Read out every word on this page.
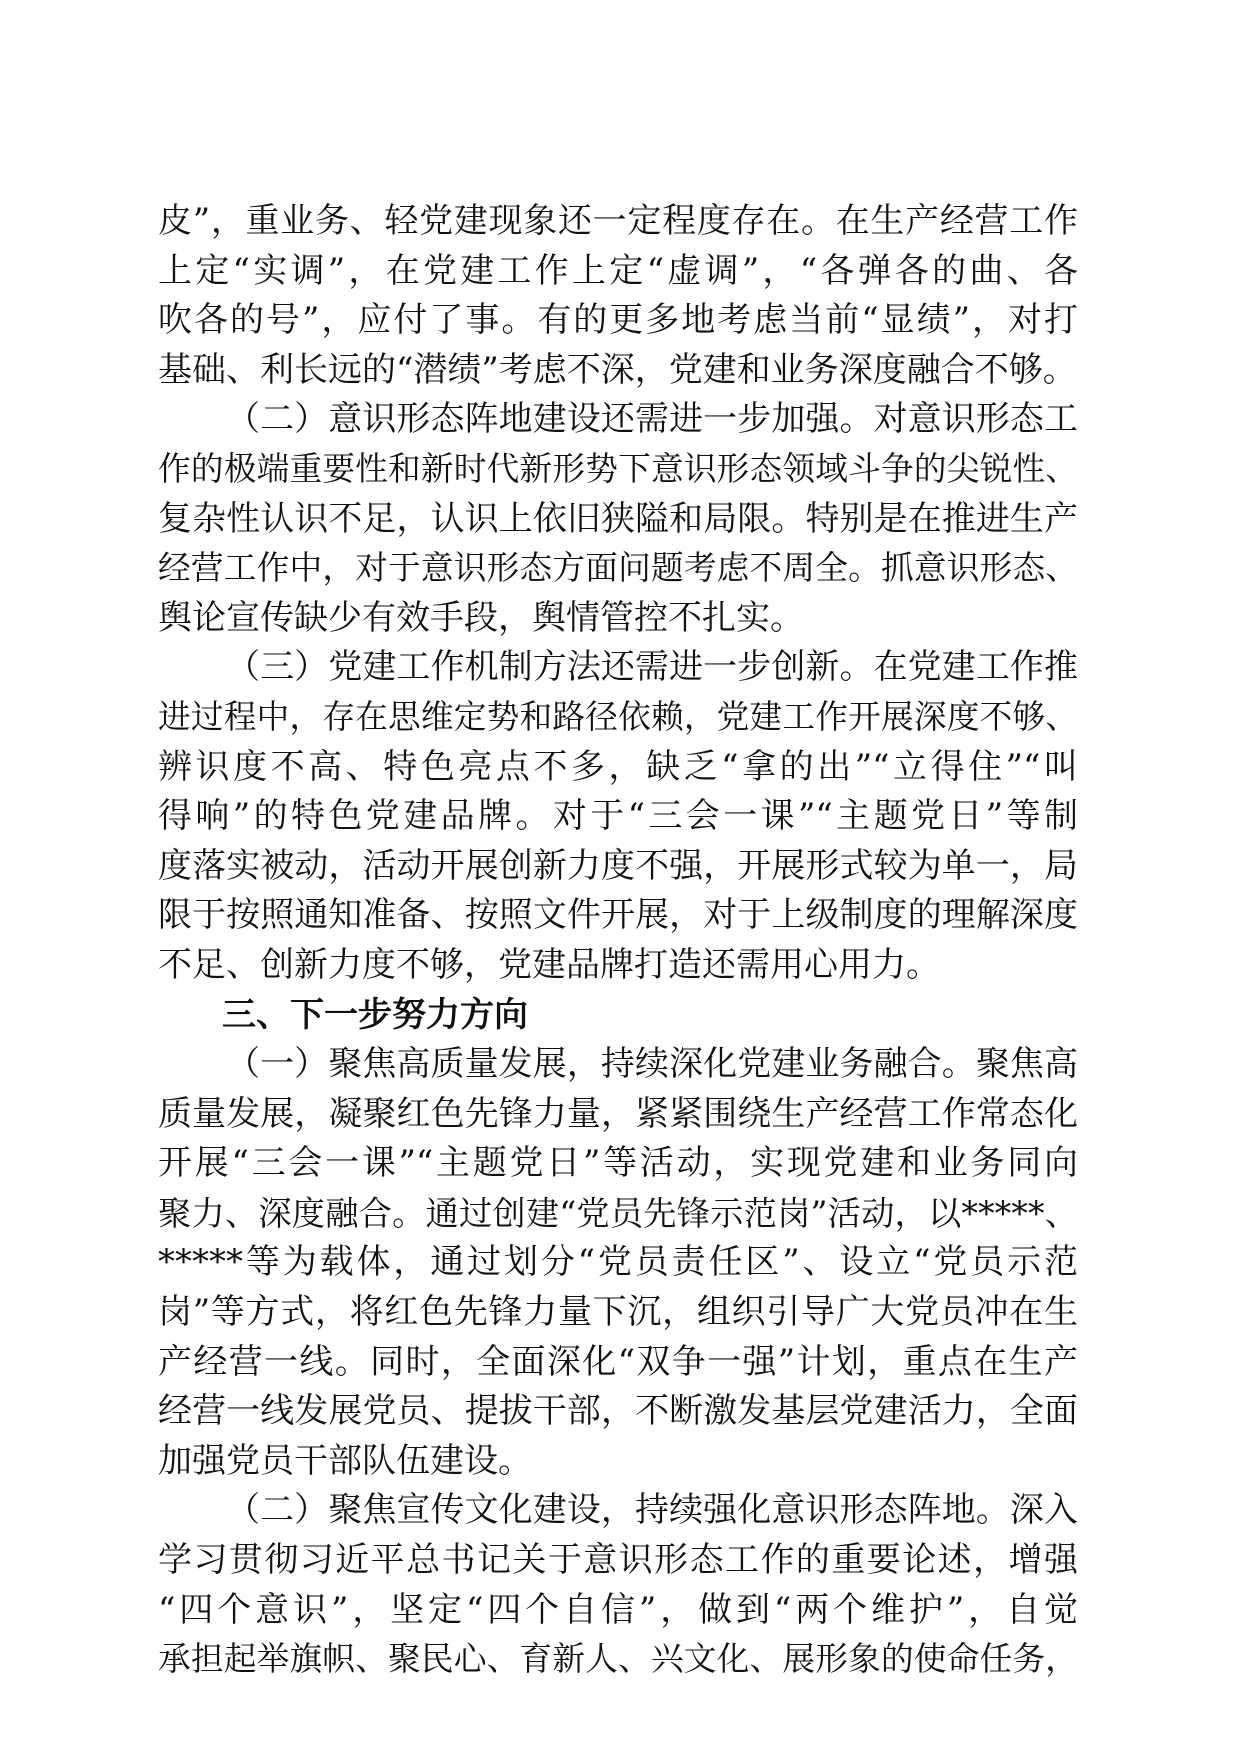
皮”，重业务、轻党建现象还一定程度存在。在生产经营工作
上定“实调”，在党建工作上定“虚调”，“各弹各的曲、各
吹各的号”，应付了事。有的更多地考虑当前“显绩”，对打
基础、利长远的“潜绩”考虑不深，党建和业务深度融合不够。
（二）意识形态阵地建设还需进一步加强。对意识形态工
作的极端重要性和新时代新形势下意识形态领域斗争的尖锐性、
复杂性认识不足，认识上依旧狭隘和局限。特别是在推进生产
经营工作中，对于意识形态方面问题考虑不周全。抓意识形态、
舆论宣传缺少有效手段，舆情管控不扎实。
（三）党建工作机制方法还需进一步创新。在党建工作推
进过程中，存在思维定势和路径依赖，党建工作开展深度不够、
辨识度不高、特色亮点不多，缺乏“拿的出”“立得住”“叫
得响”的特色党建品牌。对于“三会一课”“主题党日”等制
度落实被动，活动开展创新力度不强，开展形式较为单一，局
限于按照通知准备、按照文件开展，对于上级制度的理解深度
不足、创新力度不够，党建品牌打造还需用心用力。
三、下一步努力方向
（一）聚焦高质量发展，持续深化党建业务融合。聚焦高
质量发展，凝聚红色先锋力量，紧紧围绕生产经营工作常态化
开展“三会一课”“主题党日”等活动，实现党建和业务同向
聚力、深度融合。通过创建“党员先锋示范岗”活动，以*****、
*****等为载体，通过划分“党员责任区”、设立“党员示范
岗”等方式，将红色先锋力量下沉，组织引导广大党员冲在生
产经营一线。同时，全面深化“双争一强”计划，重点在生产
经营一线发展党员、提拔干部，不断激发基层党建活力，全面
加强党员干部队伍建设。
（二）聚焦宣传文化建设，持续强化意识形态阵地。深入
学习贯彻习近平总书记关于意识形态工作的重要论述，增强
“四个意识”，坚定“四个自信”，做到“两个维护”，自觉
承担起举旗帜、聚民心、育新人、兴文化、展形象的使命任务，
